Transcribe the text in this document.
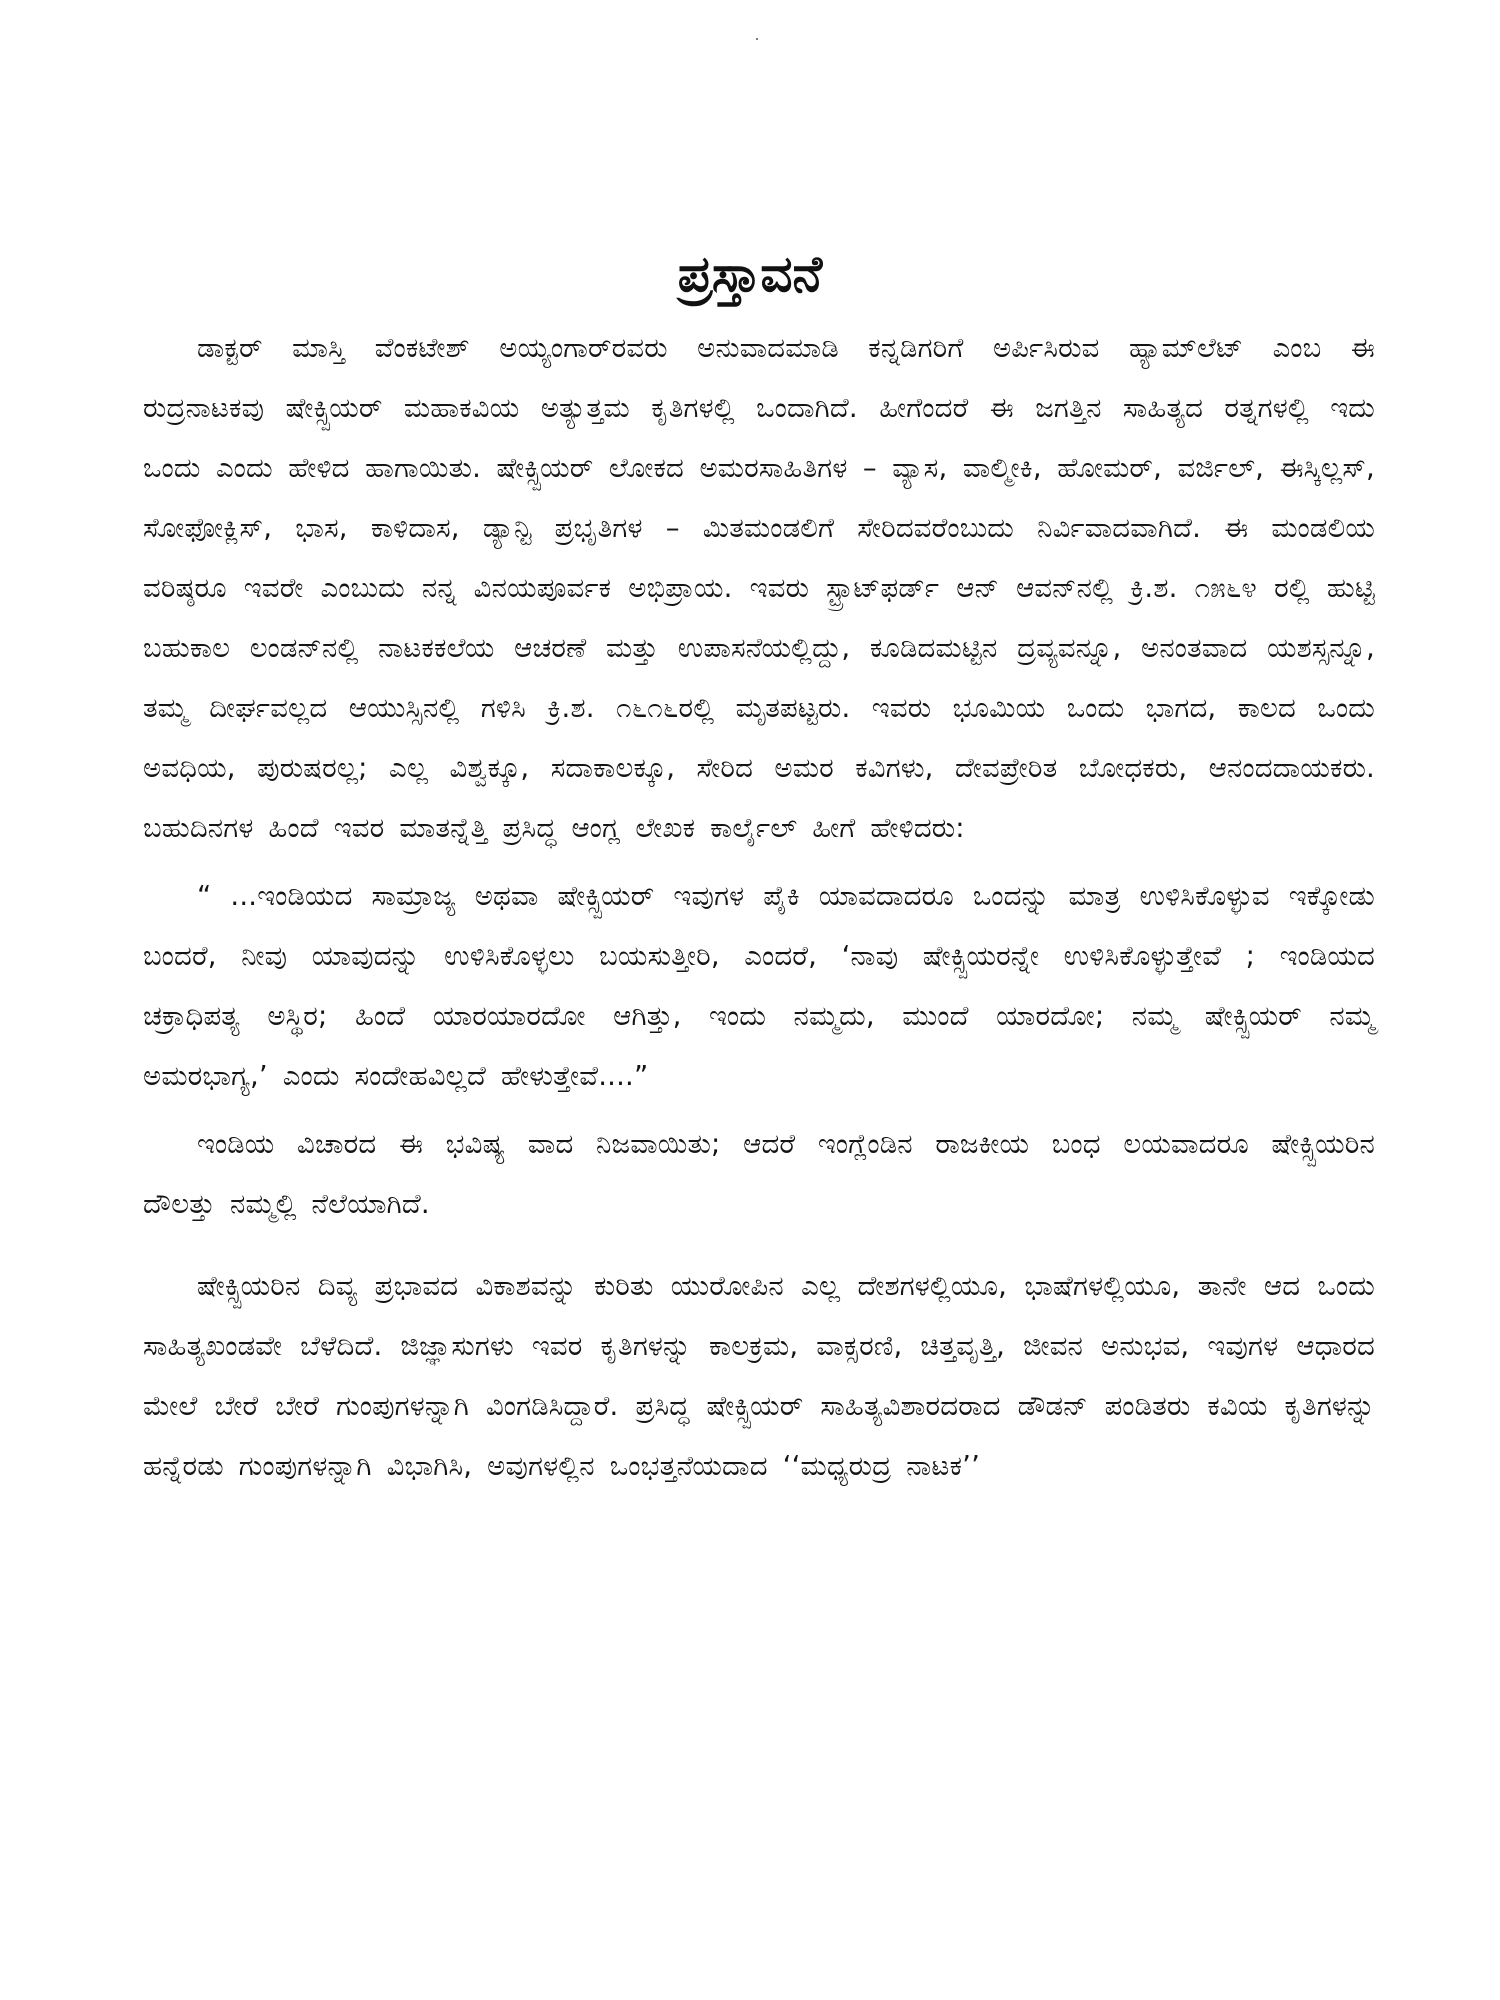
ಪ್ರಸ್ತಾವನೆ

ಡಾಕ್ಟರ್ ಮಾಸ್ತಿ ವೆಂಕಟೇಶ್ ಅಯ್ಯಂಗಾರ್‌ರವರು ಅನುವಾದಮಾಡಿ ಕನ್ನಡಿಗರಿಗೆ ಅರ್ಪಿಸಿರುವ ಹ್ಯಾಮ್‌ಲೆಟ್ ಎಂಬ ಈ ರುದ್ರನಾಟಕವು ಷೇಕ್ಸ್ಪಿಯರ್ ಮಹಾಕವಿಯ ಅತ್ಯುತ್ತಮ ಕೃತಿಗಳಲ್ಲಿ ಒಂದಾಗಿದೆ. ಹೀಗೆಂದರೆ ಈ ಜಗತ್ತಿನ ಸಾಹಿತ್ಯದ ರತ್ನಗಳಲ್ಲಿ ಇದು ಒಂದು ಎಂದು ಹೇಳಿದ ಹಾಗಾಯಿತು. ಷೇಕ್ಸ್ಪಿಯರ್ ಲೋಕದ ಅಮರಸಾಹಿತಿಗಳ – ವ್ಯಾಸ, ವಾಲ್ಮೀಕಿ, ಹೋಮರ್, ವರ್ಜಿಲ್, ಈಸ್ಕಿಲ್ಲಸ್, ಸೋಫೋಕ್ಲಿಸ್, ಭಾಸ, ಕಾಳಿದಾಸ, ಡ್ಯಾನ್ಟಿ ಪ್ರಭೃತಿಗಳ – ಮಿತಮಂಡಲಿಗೆ ಸೇರಿದವರೆಂಬುದು ನಿರ್ವಿವಾದವಾಗಿದೆ. ಈ ಮಂಡಲಿಯ ವರಿಷ್ಠರೂ ಇವರೇ ಎಂಬುದು ನನ್ನ ವಿನಯಪೂರ್ವಕ ಅಭಿಪ್ರಾಯ. ಇವರು ಸ್ಟ್ರಾಟ್‌ಫರ್ಡ್ ಆನ್ ಆವನ್‌ನಲ್ಲಿ ಕ್ರಿ.ಶ. ೧೫೬೪ ರಲ್ಲಿ ಹುಟ್ಟಿ ಬಹುಕಾಲ ಲಂಡನ್‌ನಲ್ಲಿ ನಾಟಕಕಲೆಯ ಆಚರಣೆ ಮತ್ತು ಉಪಾಸನೆಯಲ್ಲಿದ್ದು, ಕೂಡಿದಮಟ್ಟಿನ ದ್ರವ್ಯವನ್ನೂ, ಅನಂತವಾದ ಯಶಸ್ಸನ್ನೂ, ತಮ್ಮ ದೀರ್ಘವಲ್ಲದ ಆಯುಸ್ಸಿನಲ್ಲಿ ಗಳಿಸಿ ಕ್ರಿ.ಶ. ೧೬೧೬ರಲ್ಲಿ ಮೃತಪಟ್ಟರು. ಇವರು ಭೂಮಿಯ ಒಂದು ಭಾಗದ, ಕಾಲದ ಒಂದು ಅವಧಿಯ, ಪುರುಷರಲ್ಲ; ಎಲ್ಲ ವಿಶ್ವಕ್ಕೂ, ಸದಾಕಾಲಕ್ಕೂ, ಸೇರಿದ ಅಮರ ಕವಿಗಳು, ದೇವಪ್ರೇರಿತ ಬೋಧಕರು, ಆನಂದದಾಯಕರು. ಬಹುದಿನಗಳ ಹಿಂದೆ ಇವರ ಮಾತನ್ನೆತ್ತಿ ಪ್ರಸಿದ್ಧ ಆಂಗ್ಲ ಲೇಖಕ ಕಾರ್ಲೈಲ್ ಹೀಗೆ ಹೇಳಿದರು:

“ ...ಇಂಡಿಯದ ಸಾಮ್ರಾಜ್ಯ ಅಥವಾ ಷೇಕ್ಸ್ಪಿಯರ್ ಇವುಗಳ ಪೈಕಿ ಯಾವದಾದರೂ ಒಂದನ್ನು ಮಾತ್ರ ಉಳಿಸಿಕೊಳ್ಳುವ ಇಕ್ಕೋಡು ಬಂದರೆ, ನೀವು ಯಾವುದನ್ನು ಉಳಿಸಿಕೊಳ್ಳಲು ಬಯಸುತ್ತೀರಿ, ಎಂದರೆ, ‘ನಾವು ಷೇಕ್ಸ್ಪಿಯರನ್ನೇ ಉಳಿಸಿಕೊಳ್ಳುತ್ತೇವೆ ; ಇಂಡಿಯದ ಚಕ್ರಾಧಿಪತ್ಯ ಅಸ್ಥಿರ; ಹಿಂದೆ ಯಾರಯಾರದೋ ಆಗಿತ್ತು, ಇಂದು ನಮ್ಮದು, ಮುಂದೆ ಯಾರದೋ; ನಮ್ಮ ಷೇಕ್ಸ್ಪಿಯರ್ ನಮ್ಮ ಅಮರಭಾಗ್ಯ,’ ಎಂದು ಸಂದೇಹವಿಲ್ಲದೆ ಹೇಳುತ್ತೇವೆ....”

ಇಂಡಿಯ ವಿಚಾರದ ಈ ಭವಿಷ್ಯ ವಾದ ನಿಜವಾಯಿತು; ಆದರೆ ಇಂಗ್ಲೆಂಡಿನ ರಾಜಕೀಯ ಬಂಧ ಲಯವಾದರೂ ಷೇಕ್ಸ್ಪಿಯರಿನ ದೌಲತ್ತು ನಮ್ಮಲ್ಲಿ ನೆಲೆಯಾಗಿದೆ.

ಷೇಕ್ಸ್ಪಿಯರಿನ ದಿವ್ಯ ಪ್ರಭಾವದ ವಿಕಾಶವನ್ನು ಕುರಿತು ಯುರೋಪಿನ ಎಲ್ಲ ದೇಶಗಳಲ್ಲಿಯೂ, ಭಾಷೆಗಳಲ್ಲಿಯೂ, ತಾನೇ ಆದ ಒಂದು ಸಾಹಿತ್ಯಖಂಡವೇ ಬೆಳೆದಿದೆ. ಜಿಜ್ಞಾಸುಗಳು ಇವರ ಕೃತಿಗಳನ್ನು ಕಾಲಕ್ರಮ, ವಾಕ್ಸರಣಿ, ಚಿತ್ತವೃತ್ತಿ, ಜೀವನ ಅನುಭವ, ಇವುಗಳ ಆಧಾರದ ಮೇಲೆ ಬೇರೆ ಬೇರೆ ಗುಂಪುಗಳನ್ನಾಗಿ ವಿಂಗಡಿಸಿದ್ದಾರೆ. ಪ್ರಸಿದ್ಧ ಷೇಕ್ಸ್ಪಿಯರ್ ಸಾಹಿತ್ಯವಿಶಾರದರಾದ ಡೌಡನ್ ಪಂಡಿತರು ಕವಿಯ ಕೃತಿಗಳನ್ನು ಹನ್ನೆರಡು ಗುಂಪುಗಳನ್ನಾಗಿ ವಿಭಾಗಿಸಿ, ಅವುಗಳಲ್ಲಿನ ಒಂಭತ್ತನೆಯದಾದ ‘‘ಮಧ್ಯರುದ್ರ ನಾಟಕ’’
